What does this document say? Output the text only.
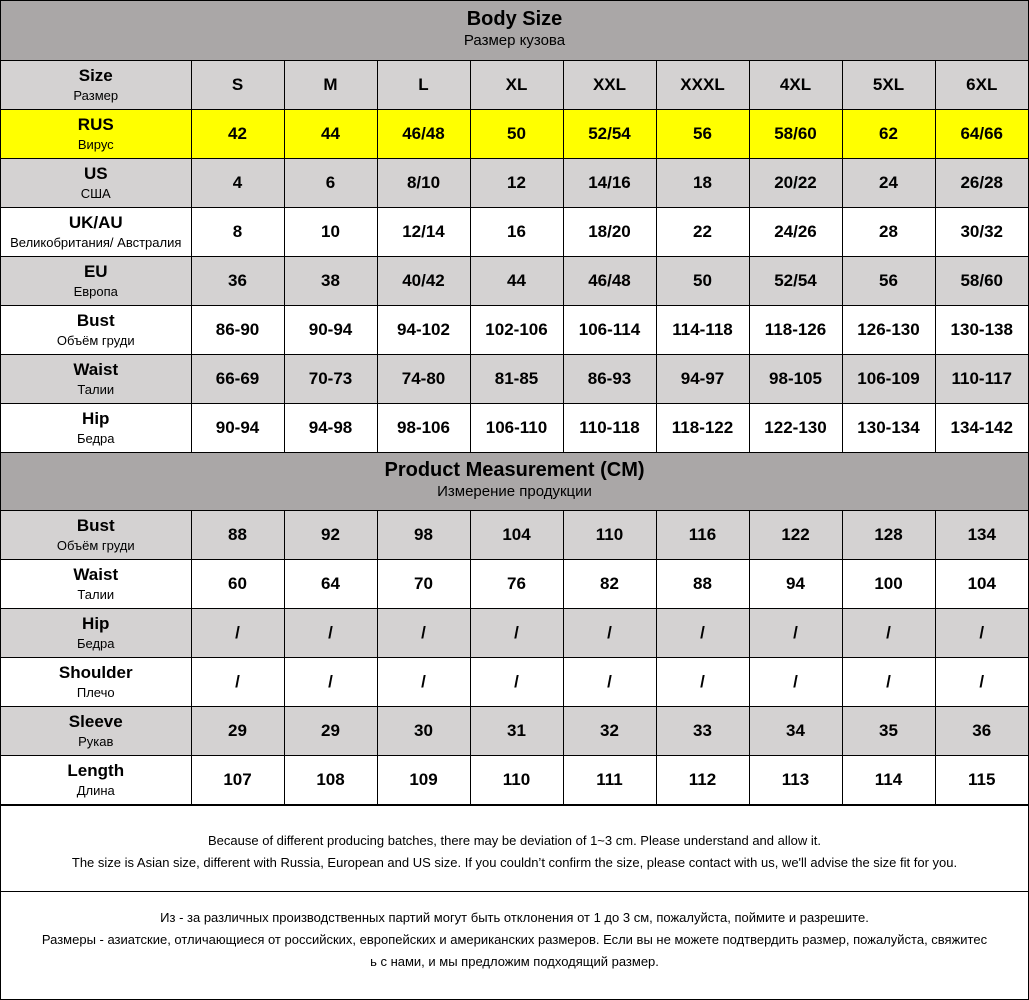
Body Size
Размер кузова
Size
Размер	S	M	L	XL	XXL	XXXL	4XL	5XL	6XL

RUS
Вирус	42	44	46/48	50	52/54	56	58/60	62	64/66

US
США	4	6	8/10	12	14/16	18	20/22	24	26/28

UK/AU
Великобритания/ Австралия	8	10	12/14	16	18/20	22	24/26	28	30/32

EU
Европа	36	38	40/42	44	46/48	50	52/54	56	58/60

Bust
Объём груди	86-90	90-94	94-102	102-106	106-114	114-118	118-126	126-130	130-138

Waist
Талии	66-69	70-73	74-80	81-85	86-93	94-97	98-105	106-109	110-117

Hip
Бедра	90-94	94-98	98-106	106-110	110-118	118-122	122-130	130-134	134-142
Product Measurement (CM)
Измерение продукции
Bust
Объём груди	88	92	98	104	110	116	122	128	134

Waist
Талии	60	64	70	76	82	88	94	100	104

Hip
Бедра	/	/	/	/	/	/	/	/	/

Shoulder
Плечо	/	/	/	/	/	/	/	/	/

Sleeve
Рукав	29	29	30	31	32	33	34	35	36

Length
Длина	107	108	109	110	111	112	113	114	115
Because of different producing batches, there may be deviation of 1~3 cm. Please understand and allow it.
The size is Asian size, different with Russia, European and US size. If you couldn’t confirm the size, please contact with us, we'll advise the size fit for you.
Из - за различных производственных партий могут быть отклонения от 1 до 3 см, пожалуйста, поймите и разрешите.
Размеры - азиатские, отличающиеся от российских, европейских и американских размеров. Если вы не можете подтвердить размер, пожалуйста, свяжитес
ь с нами, и мы предложим подходящий размер.
